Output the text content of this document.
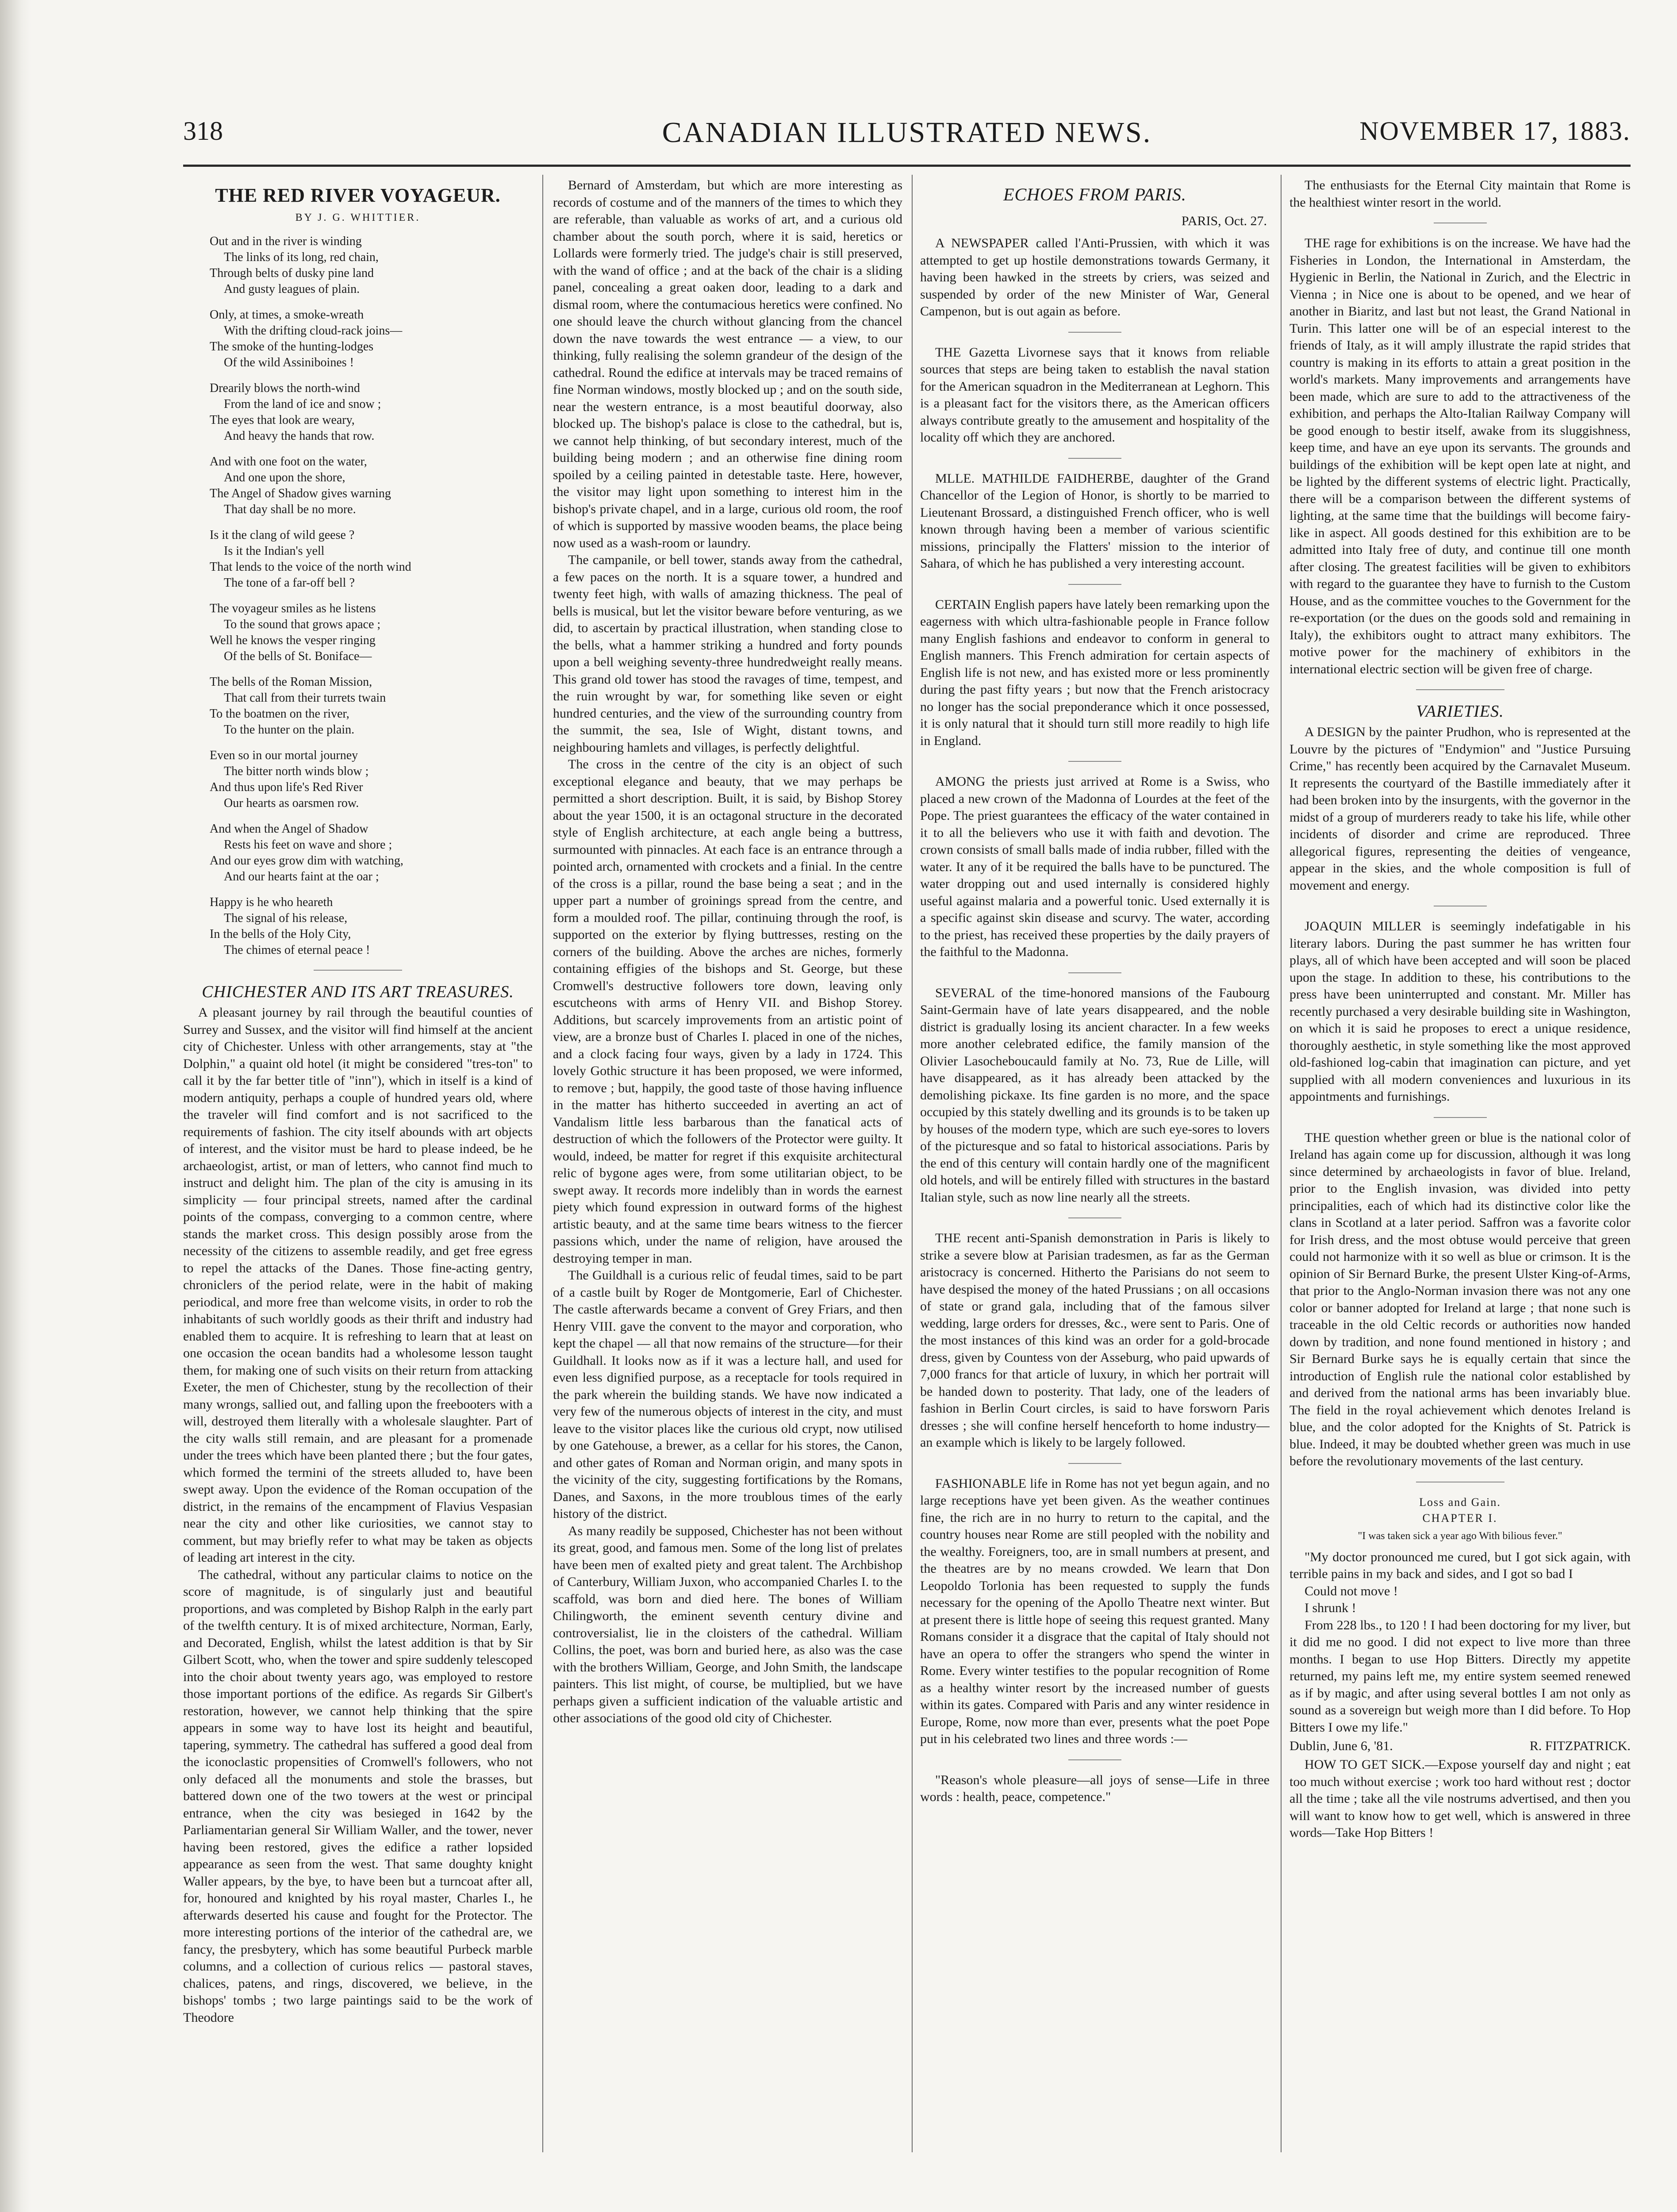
318	CANADIAN ILLUSTRATED NEWS.	NOVEMBER 17, 1883.
THE RED RIVER VOYAGEUR.
BY J. G. WHITTIER.
Out and in the river is winding
The links of its long, red chain,
Through belts of dusky pine land
And gusty leagues of plain.
Only, at times, a smoke-wreath
With the drifting cloud-rack joins—
The smoke of the hunting-lodges
Of the wild Assiniboines !
Drearily blows the north-wind
From the land of ice and snow ;
The eyes that look are weary,
And heavy the hands that row.
And with one foot on the water,
And one upon the shore,
The Angel of Shadow gives warning
That day shall be no more.
Is it the clang of wild geese ?
Is it the Indian's yell
That lends to the voice of the north wind
The tone of a far-off bell ?
The voyageur smiles as he listens
To the sound that grows apace ;
Well he knows the vesper ringing
Of the bells of St. Boniface—
The bells of the Roman Mission,
That call from their turrets twain
To the boatmen on the river,
To the hunter on the plain.
Even so in our mortal journey
The bitter north winds blow ;
And thus upon life's Red River
Our hearts as oarsmen row.
And when the Angel of Shadow
Rests his feet on wave and shore ;
And our eyes grow dim with watching,
And our hearts faint at the oar ;
Happy is he who heareth
The signal of his release,
In the bells of the Holy City,
The chimes of eternal peace !
CHICHESTER AND ITS ART TREASURES.

A pleasant journey by rail through the beautiful counties of Surrey and Sussex, and the visitor will find himself at the ancient city of Chichester. Unless with other arrangements, stay at "the Dolphin," a quaint old hotel (it might be considered "tres-ton" to call it by the far better title of "inn"), which in itself is a kind of modern antiquity, perhaps a couple of hundred years old, where the traveler will find comfort and is not sacrificed to the requirements of fashion. The city itself abounds with art objects of interest, and the visitor must be hard to please indeed, be he archaeologist, artist, or man of letters, who cannot find much to instruct and delight him. The plan of the city is amusing in its simplicity — four principal streets, named after the cardinal points of the compass, converging to a common centre, where stands the market cross. This design possibly arose from the necessity of the citizens to assemble readily, and get free egress to repel the attacks of the Danes. Those fine-acting gentry, chroniclers of the period relate, were in the habit of making periodical, and more free than welcome visits, in order to rob the inhabitants of such worldly goods as their thrift and industry had enabled them to acquire. It is refreshing to learn that at least on one occasion the ocean bandits had a wholesome lesson taught them, for making one of such visits on their return from attacking Exeter, the men of Chichester, stung by the recollection of their many wrongs, sallied out, and falling upon the freebooters with a will, destroyed them literally with a wholesale slaughter. Part of the city walls still remain, and are pleasant for a promenade under the trees which have been planted there ; but the four gates, which formed the termini of the streets alluded to, have been swept away. Upon the evidence of the Roman occupation of the district, in the remains of the encampment of Flavius Vespasian near the city and other like curiosities, we cannot stay to comment, but may briefly refer to what may be taken as objects of leading art interest in the city.

The cathedral, without any particular claims to notice on the score of magnitude, is of singularly just and beautiful proportions, and was completed by Bishop Ralph in the early part of the twelfth century. It is of mixed architecture, Norman, Early, and Decorated, English, whilst the latest addition is that by Sir Gilbert Scott, who, when the tower and spire suddenly telescoped into the choir about twenty years ago, was employed to restore those important portions of the edifice. As regards Sir Gilbert's restoration, however, we cannot help thinking that the spire appears in some way to have lost its height and beautiful, tapering, symmetry. The cathedral has suffered a good deal from the iconoclastic propensities of Cromwell's followers, who not only defaced all the monuments and stole the brasses, but battered down one of the two towers at the west or principal entrance, when the city was besieged in 1642 by the Parliamentarian general Sir William Waller, and the tower, never having been restored, gives the edifice a rather lopsided appearance as seen from the west. That same doughty knight Waller appears, by the bye, to have been but a turncoat after all, for, honoured and knighted by his royal master, Charles I., he afterwards deserted his cause and fought for the Protector. The more interesting portions of the interior of the cathedral are, we fancy, the presbytery, which has some beautiful Purbeck marble columns, and a collection of curious relics — pastoral staves, chalices, patens, and rings, discovered, we believe, in the bishops' tombs ; two large paintings said to be the work of Theodore

Bernard of Amsterdam, but which are more interesting as records of costume and of the manners of the times to which they are referable, than valuable as works of art, and a curious old chamber about the south porch, where it is said, heretics or Lollards were formerly tried. The judge's chair is still preserved, with the wand of office ; and at the back of the chair is a sliding panel, concealing a great oaken door, leading to a dark and dismal room, where the contumacious heretics were confined. No one should leave the church without glancing from the chancel down the nave towards the west entrance — a view, to our thinking, fully realising the solemn grandeur of the design of the cathedral. Round the edifice at intervals may be traced remains of fine Norman windows, mostly blocked up ; and on the south side, near the western entrance, is a most beautiful doorway, also blocked up. The bishop's palace is close to the cathedral, but is, we cannot help thinking, of but secondary interest, much of the building being modern ; and an otherwise fine dining room spoiled by a ceiling painted in detestable taste. Here, however, the visitor may light upon something to interest him in the bishop's private chapel, and in a large, curious old room, the roof of which is supported by massive wooden beams, the place being now used as a wash-room or laundry.

The campanile, or bell tower, stands away from the cathedral, a few paces on the north. It is a square tower, a hundred and twenty feet high, with walls of amazing thickness. The peal of bells is musical, but let the visitor beware before venturing, as we did, to ascertain by practical illustration, when standing close to the bells, what a hammer striking a hundred and forty pounds upon a bell weighing seventy-three hundredweight really means. This grand old tower has stood the ravages of time, tempest, and the ruin wrought by war, for something like seven or eight hundred centuries, and the view of the surrounding country from the summit, the sea, Isle of Wight, distant towns, and neighbouring hamlets and villages, is perfectly delightful.

The cross in the centre of the city is an object of such exceptional elegance and beauty, that we may perhaps be permitted a short description. Built, it is said, by Bishop Storey about the year 1500, it is an octagonal structure in the decorated style of English architecture, at each angle being a buttress, surmounted with pinnacles. At each face is an entrance through a pointed arch, ornamented with crockets and a finial. In the centre of the cross is a pillar, round the base being a seat ; and in the upper part a number of groinings spread from the centre, and form a moulded roof. The pillar, continuing through the roof, is supported on the exterior by flying buttresses, resting on the corners of the building. Above the arches are niches, formerly containing effigies of the bishops and St. George, but these Cromwell's destructive followers tore down, leaving only escutcheons with arms of Henry VII. and Bishop Storey. Additions, but scarcely improvements from an artistic point of view, are a bronze bust of Charles I. placed in one of the niches, and a clock facing four ways, given by a lady in 1724. This lovely Gothic structure it has been proposed, we were informed, to remove ; but, happily, the good taste of those having influence in the matter has hitherto succeeded in averting an act of Vandalism little less barbarous than the fanatical acts of destruction of which the followers of the Protector were guilty. It would, indeed, be matter for regret if this exquisite architectural relic of bygone ages were, from some utilitarian object, to be swept away. It records more indelibly than in words the earnest piety which found expression in outward forms of the highest artistic beauty, and at the same time bears witness to the fiercer passions which, under the name of religion, have aroused the destroying temper in man.

The Guildhall is a curious relic of feudal times, said to be part of a castle built by Roger de Montgomerie, Earl of Chichester. The castle afterwards became a convent of Grey Friars, and then Henry VIII. gave the convent to the mayor and corporation, who kept the chapel — all that now remains of the structure—for their Guildhall. It looks now as if it was a lecture hall, and used for even less dignified purpose, as a receptacle for tools required in the park wherein the building stands. We have now indicated a very few of the numerous objects of interest in the city, and must leave to the visitor places like the curious old crypt, now utilised by one Gatehouse, a brewer, as a cellar for his stores, the Canon, and other gates of Roman and Norman origin, and many spots in the vicinity of the city, suggesting fortifications by the Romans, Danes, and Saxons, in the more troublous times of the early history of the district.

As many readily be supposed, Chichester has not been without its great, good, and famous men. Some of the long list of prelates have been men of exalted piety and great talent. The Archbishop of Canterbury, William Juxon, who accompanied Charles I. to the scaffold, was born and died here. The bones of William Chilingworth, the eminent seventh century divine and controversialist, lie in the cloisters of the cathedral. William Collins, the poet, was born and buried here, as also was the case with the brothers William, George, and John Smith, the landscape painters. This list might, of course, be multiplied, but we have perhaps given a sufficient indication of the valuable artistic and other associations of the good old city of Chichester.

ECHOES FROM PARIS.
PARIS, Oct. 27.

A NEWSPAPER called l'Anti-Prussien, with which it was attempted to get up hostile demonstrations towards Germany, it having been hawked in the streets by criers, was seized and suspended by order of the new Minister of War, General Campenon, but is out again as before.

THE Gazetta Livornese says that it knows from reliable sources that steps are being taken to establish the naval station for the American squadron in the Mediterranean at Leghorn. This is a pleasant fact for the visitors there, as the American officers always contribute greatly to the amusement and hospitality of the locality off which they are anchored.

MLLE. MATHILDE FAIDHERBE, daughter of the Grand Chancellor of the Legion of Honor, is shortly to be married to Lieutenant Brossard, a distinguished French officer, who is well known through having been a member of various scientific missions, principally the Flatters' mission to the interior of Sahara, of which he has published a very interesting account.

CERTAIN English papers have lately been remarking upon the eagerness with which ultra-fashionable people in France follow many English fashions and endeavor to conform in general to English manners. This French admiration for certain aspects of English life is not new, and has existed more or less prominently during the past fifty years ; but now that the French aristocracy no longer has the social preponderance which it once possessed, it is only natural that it should turn still more readily to high life in England.

AMONG the priests just arrived at Rome is a Swiss, who placed a new crown of the Madonna of Lourdes at the feet of the Pope. The priest guarantees the efficacy of the water contained in it to all the believers who use it with faith and devotion. The crown consists of small balls made of india rubber, filled with the water. It any of it be required the balls have to be punctured. The water dropping out and used internally is considered highly useful against malaria and a powerful tonic. Used externally it is a specific against skin disease and scurvy. The water, according to the priest, has received these properties by the daily prayers of the faithful to the Madonna.

SEVERAL of the time-honored mansions of the Faubourg Saint-Germain have of late years disappeared, and the noble district is gradually losing its ancient character. In a few weeks more another celebrated edifice, the family mansion of the Olivier Lasocheboucauld family at No. 73, Rue de Lille, will have disappeared, as it has already been attacked by the demolishing pickaxe. Its fine garden is no more, and the space occupied by this stately dwelling and its grounds is to be taken up by houses of the modern type, which are such eye-sores to lovers of the picturesque and so fatal to historical associations. Paris by the end of this century will contain hardly one of the magnificent old hotels, and will be entirely filled with structures in the bastard Italian style, such as now line nearly all the streets.

THE recent anti-Spanish demonstration in Paris is likely to strike a severe blow at Parisian tradesmen, as far as the German aristocracy is concerned. Hitherto the Parisians do not seem to have despised the money of the hated Prussians ; on all occasions of state or grand gala, including that of the famous silver wedding, large orders for dresses, &c., were sent to Paris. One of the most instances of this kind was an order for a gold-brocade dress, given by Countess von der Asseburg, who paid upwards of 7,000 francs for that article of luxury, in which her portrait will be handed down to posterity. That lady, one of the leaders of fashion in Berlin Court circles, is said to have forsworn Paris dresses ; she will confine herself henceforth to home industry—an example which is likely to be largely followed.

FASHIONABLE life in Rome has not yet begun again, and no large receptions have yet been given. As the weather continues fine, the rich are in no hurry to return to the capital, and the country houses near Rome are still peopled with the nobility and the wealthy. Foreigners, too, are in small numbers at present, and the theatres are by no means crowded. We learn that Don Leopoldo Torlonia has been requested to supply the funds necessary for the opening of the Apollo Theatre next winter. But at present there is little hope of seeing this request granted. Many Romans consider it a disgrace that the capital of Italy should not have an opera to offer the strangers who spend the winter in Rome. Every winter testifies to the popular recognition of Rome as a healthy winter resort by the increased number of guests within its gates. Compared with Paris and any winter residence in Europe, Rome, now more than ever, presents what the poet Pope put in his celebrated two lines and three words :—

"Reason's whole pleasure—all joys of sense—Life in three words : health, peace, competence."

The enthusiasts for the Eternal City maintain that Rome is the healthiest winter resort in the world.

THE rage for exhibitions is on the increase. We have had the Fisheries in London, the International in Amsterdam, the Hygienic in Berlin, the National in Zurich, and the Electric in Vienna ; in Nice one is about to be opened, and we hear of another in Biaritz, and last but not least, the Grand National in Turin. This latter one will be of an especial interest to the friends of Italy, as it will amply illustrate the rapid strides that country is making in its efforts to attain a great position in the world's markets. Many improvements and arrangements have been made, which are sure to add to the attractiveness of the exhibition, and perhaps the Alto-Italian Railway Company will be good enough to bestir itself, awake from its sluggishness, keep time, and have an eye upon its servants. The grounds and buildings of the exhibition will be kept open late at night, and be lighted by the different systems of electric light. Practically, there will be a comparison between the different systems of lighting, at the same time that the buildings will become fairy-like in aspect. All goods destined for this exhibition are to be admitted into Italy free of duty, and continue till one month after closing. The greatest facilities will be given to exhibitors with regard to the guarantee they have to furnish to the Custom House, and as the committee vouches to the Government for the re-exportation (or the dues on the goods sold and remaining in Italy), the exhibitors ought to attract many exhibitors. The motive power for the machinery of exhibitors in the international electric section will be given free of charge.

VARIETIES.

A DESIGN by the painter Prudhon, who is represented at the Louvre by the pictures of "Endymion" and "Justice Pursuing Crime," has recently been acquired by the Carnavalet Museum. It represents the courtyard of the Bastille immediately after it had been broken into by the insurgents, with the governor in the midst of a group of murderers ready to take his life, while other incidents of disorder and crime are reproduced. Three allegorical figures, representing the deities of vengeance, appear in the skies, and the whole composition is full of movement and energy.

JOAQUIN MILLER is seemingly indefatigable in his literary labors. During the past summer he has written four plays, all of which have been accepted and will soon be placed upon the stage. In addition to these, his contributions to the press have been uninterrupted and constant. Mr. Miller has recently purchased a very desirable building site in Washington, on which it is said he proposes to erect a unique residence, thoroughly aesthetic, in style something like the most approved old-fashioned log-cabin that imagination can picture, and yet supplied with all modern conveniences and luxurious in its appointments and furnishings.

THE question whether green or blue is the national color of Ireland has again come up for discussion, although it was long since determined by archaeologists in favor of blue. Ireland, prior to the English invasion, was divided into petty principalities, each of which had its distinctive color like the clans in Scotland at a later period. Saffron was a favorite color for Irish dress, and the most obtuse would perceive that green could not harmonize with it so well as blue or crimson. It is the opinion of Sir Bernard Burke, the present Ulster King-of-Arms, that prior to the Anglo-Norman invasion there was not any one color or banner adopted for Ireland at large ; that none such is traceable in the old Celtic records or authorities now handed down by tradition, and none found mentioned in history ; and Sir Bernard Burke says he is equally certain that since the introduction of English rule the national color established by and derived from the national arms has been invariably blue. The field in the royal achievement which denotes Ireland is blue, and the color adopted for the Knights of St. Patrick is blue. Indeed, it may be doubted whether green was much in use before the revolutionary movements of the last century.

Loss and Gain.
CHAPTER I.
"I was taken sick a year ago With bilious fever."

"My doctor pronounced me cured, but I got sick again, with terrible pains in my back and sides, and I got so bad I

Could not move !

I shrunk !

From 228 lbs., to 120 ! I had been doctoring for my liver, but it did me no good. I did not expect to live more than three months. I began to use Hop Bitters. Directly my appetite returned, my pains left me, my entire system seemed renewed as if by magic, and after using several bottles I am not only as sound as a sovereign but weigh more than I did before. To Hop Bitters I owe my life."

Dublin, June 6, '81.	R. FITZPATRICK.

HOW TO GET SICK.—Expose yourself day and night ; eat too much without exercise ; work too hard without rest ; doctor all the time ; take all the vile nostrums advertised, and then you will want to know how to get well, which is answered in three words—Take Hop Bitters !
